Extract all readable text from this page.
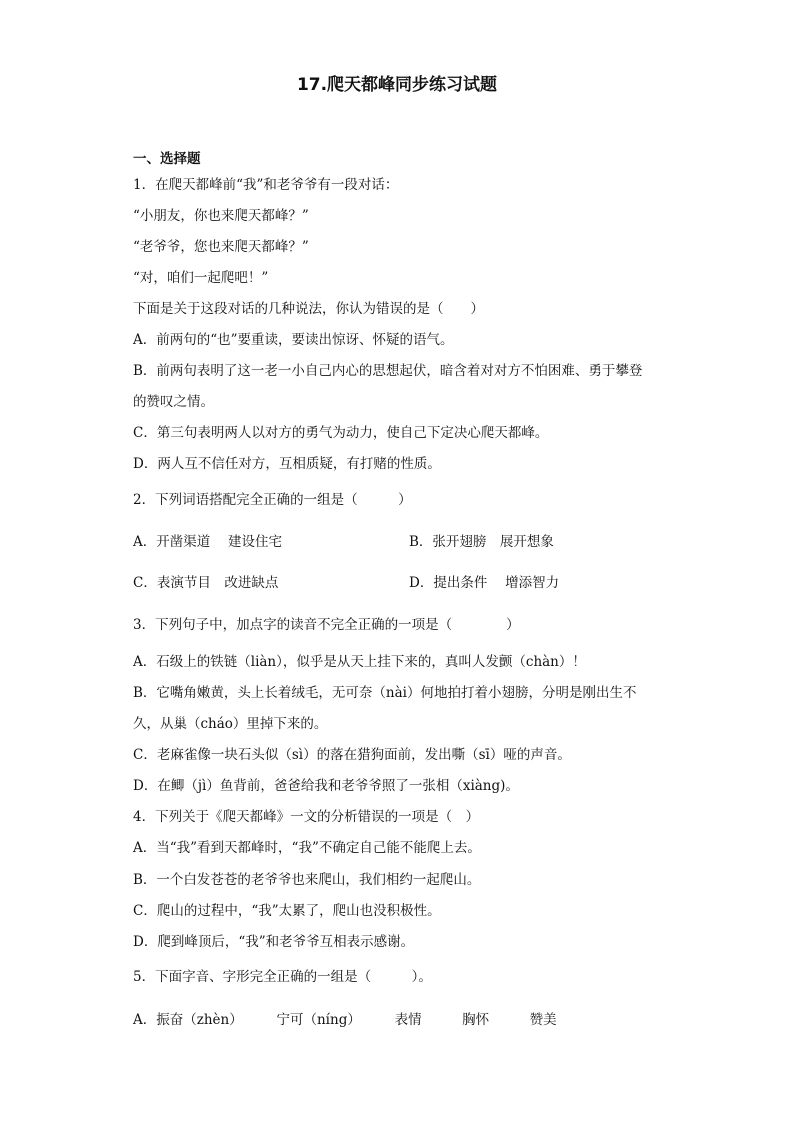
17.爬天都峰同步练习试题
一、选择题
1．在爬天都峰前“我”和老爷爷有一段对话：
“小朋友，你也来爬天都峰？”
“老爷爷，您也来爬天都峰？”
“对，咱们一起爬吧！”
下面是关于这段对话的几种说法，你认为错误的是（　　）
A．前两句的“也”要重读，要读出惊讶、怀疑的语气。
B．前两句表明了这一老一小自己内心的思想起伏，暗含着对对方不怕困难、勇于攀登
的赞叹之情。
C．第三句表明两人以对方的勇气为动力，使自己下定决心爬天都峰。
D．两人互不信任对方，互相质疑，有打赌的性质。
2．下列词语搭配完全正确的一组是（　　　）
A．开凿渠道　 建设住宅	B．张开翅膀　展开想象
C．表演节目　改进缺点	D．提出条件　 增添智力
3．下列句子中，加点字的读音不完全正确的一项是（　　　　）
A．石级上的铁链（liàn），似乎是从天上挂下来的，真叫人发颤（chàn）！
B．它嘴角嫩黄，头上长着绒毛，无可奈（nài）何地拍打着小翅膀，分明是刚出生不
久，从巢（cháo）里掉下来的。
C．老麻雀像一块石头似（sì）的落在猎狗面前，发出嘶（sī）哑的声音。
D．在鲫（jì）鱼背前，爸爸给我和老爷爷照了一张相（xiàng)。
4．下列关于《爬天都峰》一文的分析错误的一项是（　）
A．当“我”看到天都峰时，“我”不确定自己能不能爬上去。
B．一个白发苍苍的老爷爷也来爬山，我们相约一起爬山。
C．爬山的过程中，“我”太累了，爬山也没积极性。
D．爬到峰顶后，“我”和老爷爷互相表示感谢。
5．下面字音、字形完全正确的一组是（　　　）。
A．振奋（zhèn）　　　宁可（níng）　　　表情　　　胸怀　　　赞美
